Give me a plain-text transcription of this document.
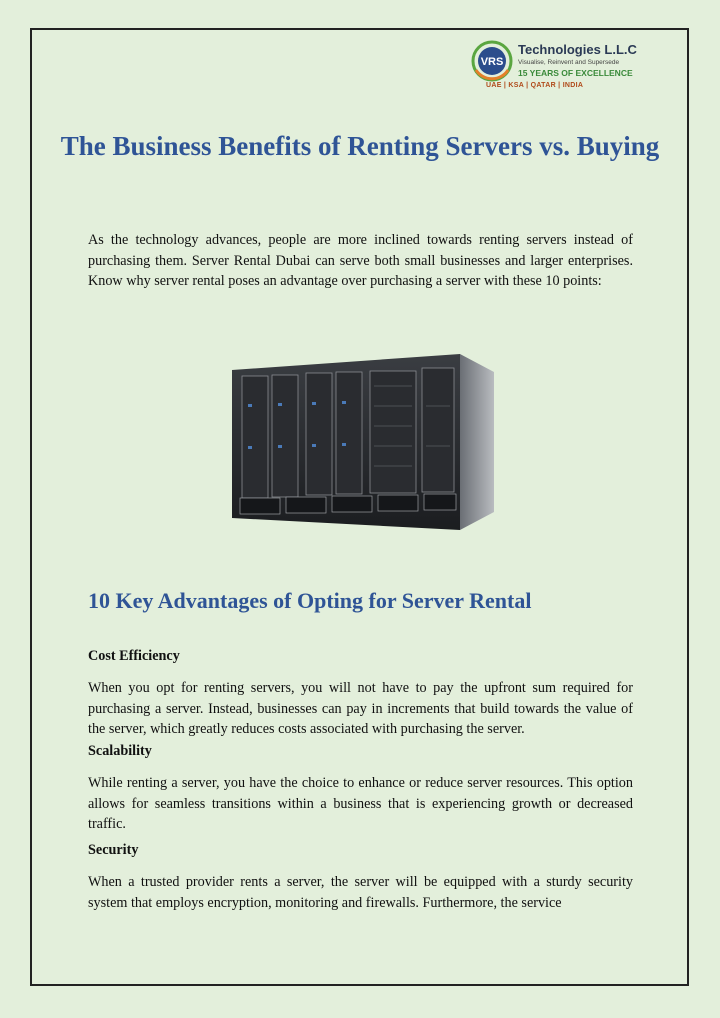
VRS
Technologies L.L.C
Visualise, Reinvent and Supersede
15 YEARS OF EXCELLENCE
UAE | KSA | QATAR | INDIA
The Business Benefits of Renting Servers vs. Buying

As the technology advances, people are more inclined towards renting servers instead of purchasing them. Server Rental Dubai can serve both small businesses and larger enterprises. Know why server rental poses an advantage over purchasing a server with these 10 points:

10 Key Advantages of Opting for Server Rental
Cost Efficiency

When you opt for renting servers, you will not have to pay the upfront sum required for purchasing a server. Instead, businesses can pay in increments that build towards the value of the server, which greatly reduces costs associated with purchasing the server.

Scalability

While renting a server, you have the choice to enhance or reduce server resources. This option allows for seamless transitions within a business that is experiencing growth or decreased traffic.

Security

When a trusted provider rents a server, the server will be equipped with a sturdy security system that employs encryption, monitoring and firewalls. Furthermore, the service
